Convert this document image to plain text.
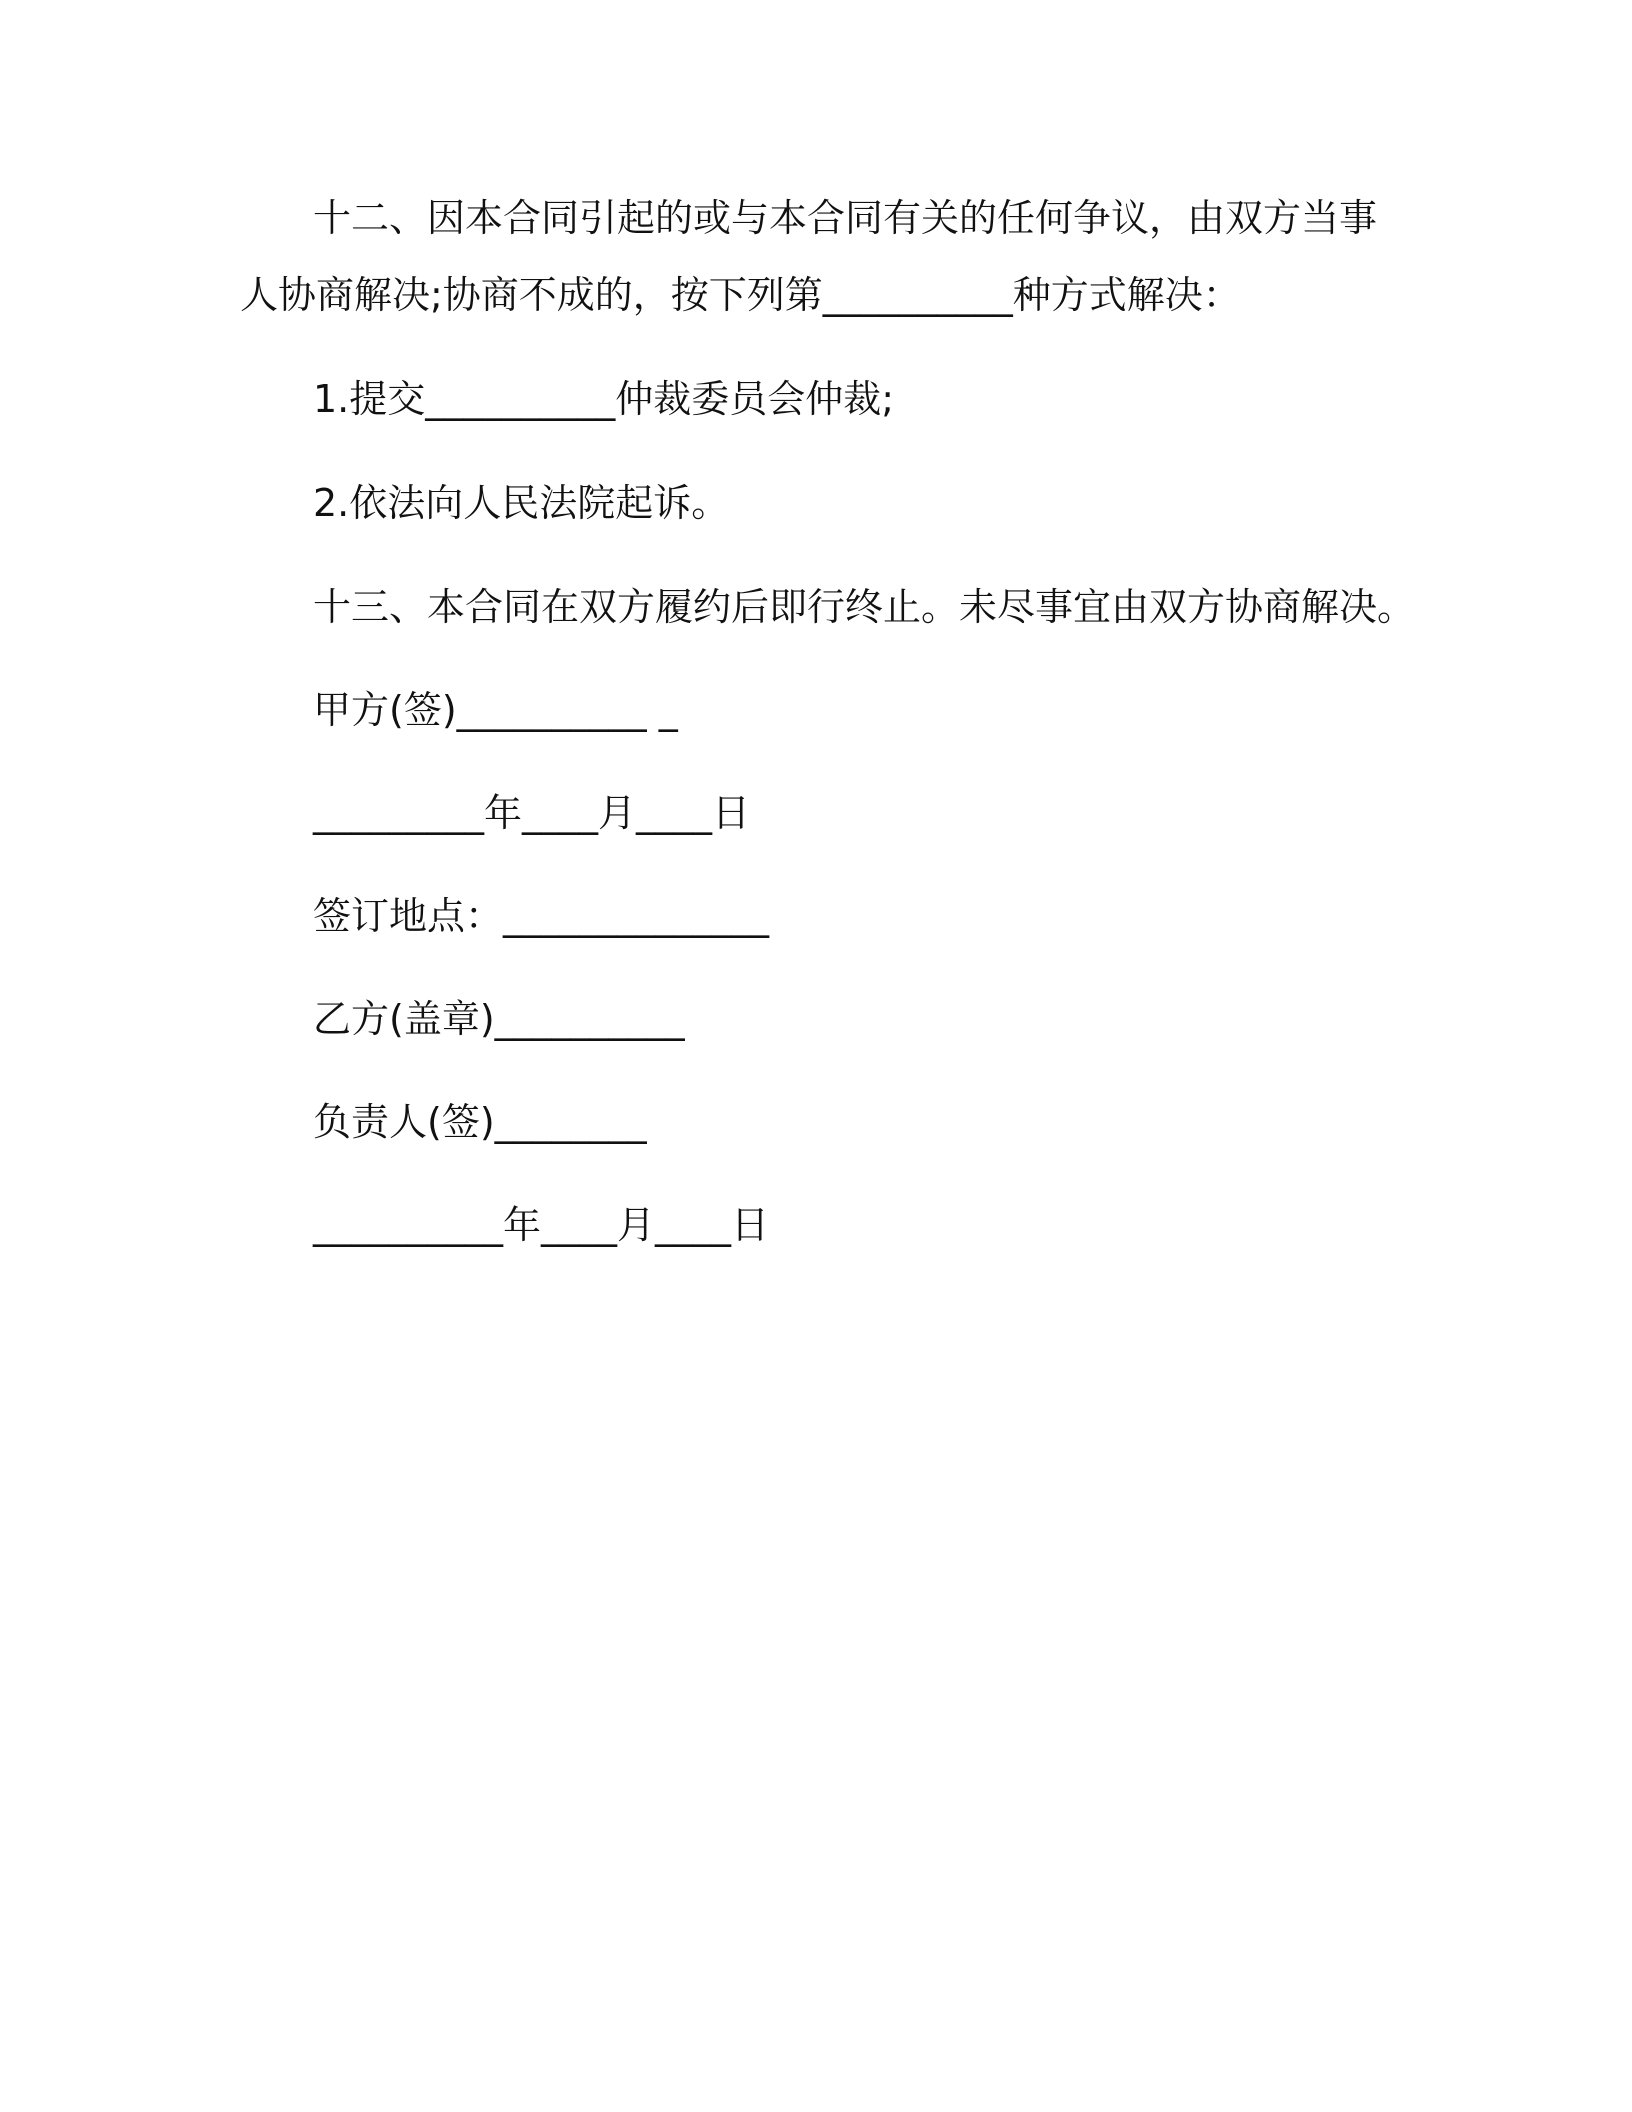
十二、因本合同引起的或与本合同有关的任何争议，由双方当事
人协商解决;协商不成的，按下列第__________种方式解决：
1.提交__________仲裁委员会仲裁;
2.依法向人民法院起诉。
十三、本合同在双方履约后即行终止。未尽事宜由双方协商解决。
甲方(签)__________ _
_________年____月____日
签订地点：______________
乙方(盖章)__________
负责人(签)________
__________年____月____日
